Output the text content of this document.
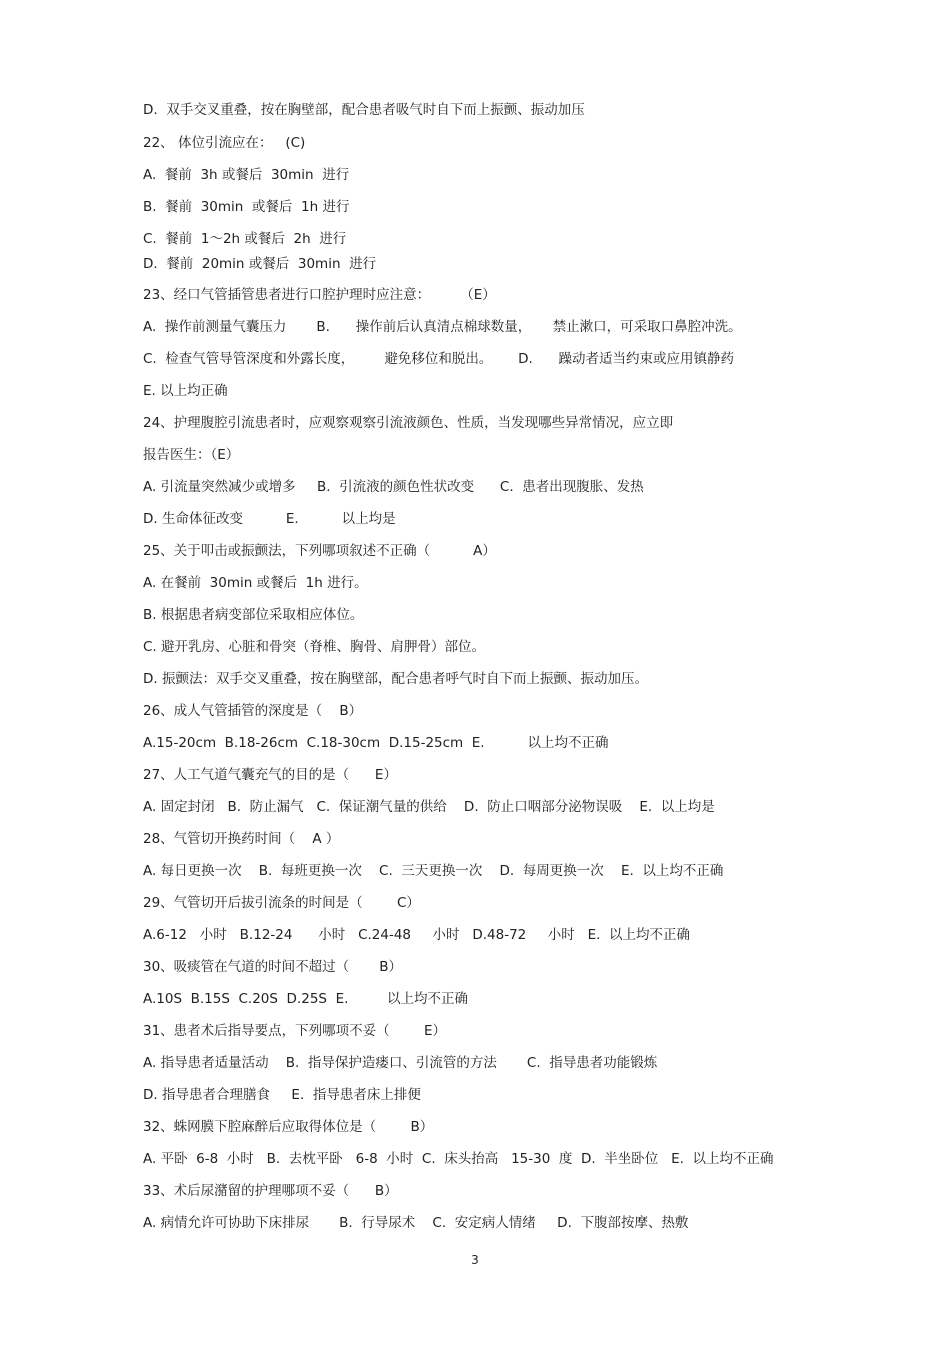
D.  双手交叉重叠，按在胸壁部，配合患者吸气时自下而上振颤、振动加压
22、 体位引流应在：   (C)
A.  餐前  3h 或餐后  30min  进行
B.  餐前  30min  或餐后  1h 进行
C.  餐前  1～2h 或餐后  2h  进行
D.  餐前  20min 或餐后  30min  进行
23、经口气管插管患者进行口腔护理时应注意：       （E）
A.  操作前测量气囊压力       B.      操作前后认真清点棉球数量，     禁止漱口，可采取口鼻腔冲洗。
C.  检查气管导管深度和外露长度，       避免移位和脱出。      D.      躁动者适当约束或应用镇静药
E. 以上均正确
24、护理腹腔引流患者时，应观察观察引流液颜色、性质，当发现哪些异常情况，应立即
报告医生：（E）
A. 引流量突然减少或增多     B.  引流液的颜色性状改变      C.  患者出现腹胀、发热
D. 生命体征改变          E.          以上均是
25、关于叩击或振颤法，下列哪项叙述不正确（          A）
A. 在餐前  30min 或餐后  1h 进行。
B. 根据患者病变部位采取相应体位。
C. 避开乳房、心脏和骨突（脊椎、胸骨、肩胛骨）部位。
D. 振颤法：双手交叉重叠，按在胸壁部，配合患者呼气时自下而上振颤、振动加压。
26、成人气管插管的深度是（    B）
A.15-20cm  B.18-26cm  C.18-30cm  D.15-25cm  E.          以上均不正确
27、人工气道气囊充气的目的是（      E）
A. 固定封闭   B.  防止漏气   C.  保证潮气量的供给    D.  防止口咽部分泌物误吸    E.  以上均是
28、气管切开换药时间（    A ）
A. 每日更换一次    B.  每班更换一次    C.  三天更换一次    D.  每周更换一次    E.  以上均不正确
29、气管切开后拔引流条的时间是（        C）
A.6-12   小时   B.12-24      小时   C.24-48     小时   D.48-72     小时   E.  以上均不正确
30、吸痰管在气道的时间不超过（       B）
A.10S  B.15S  C.20S  D.25S  E.         以上均不正确
31、患者术后指导要点，下列哪项不妥（        E）
A. 指导患者适量活动    B.  指导保护造瘘口、引流管的方法       C.  指导患者功能锻炼
D. 指导患者合理膳食     E.  指导患者床上排便
32、蛛网膜下腔麻醉后应取得体位是（        B）
A. 平卧  6-8  小时   B.  去枕平卧   6-8  小时  C.  床头抬高   15-30  度  D.  半坐卧位   E.  以上均不正确
33、术后尿潴留的护理哪项不妥（      B）
A. 病情允许可协助下床排尿       B.  行导尿术    C.  安定病人情绪     D.  下腹部按摩、热敷
3
